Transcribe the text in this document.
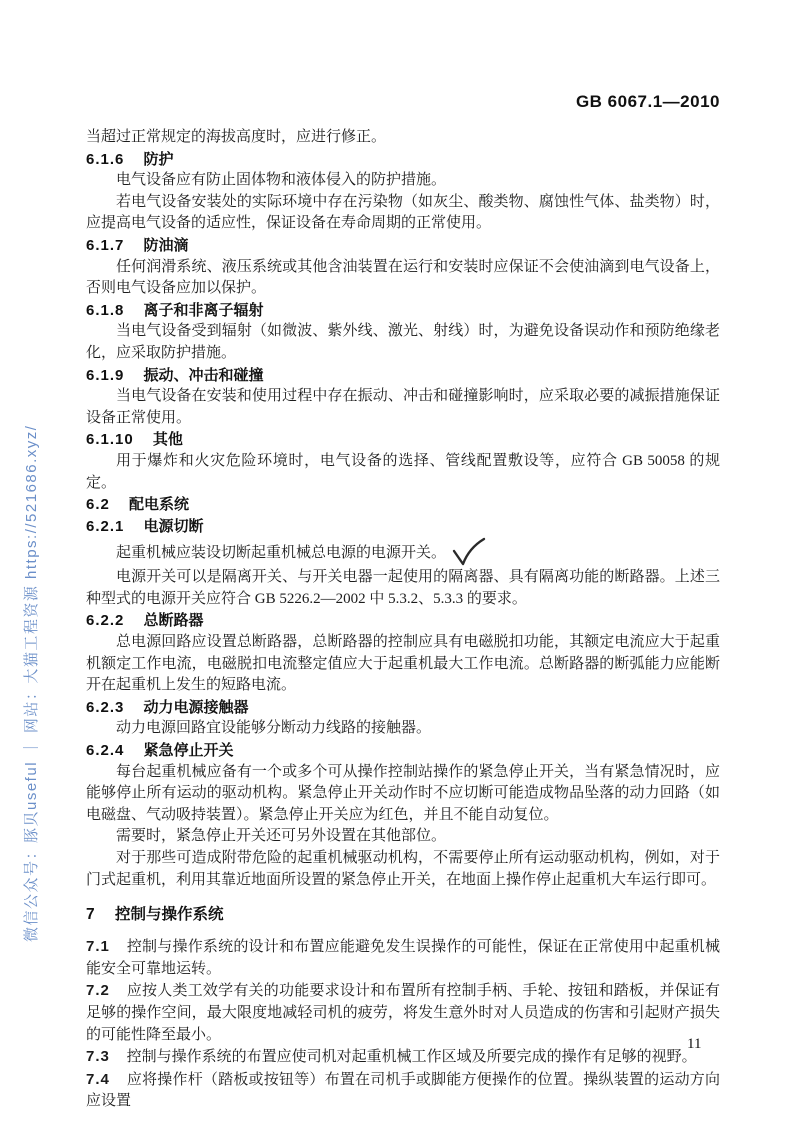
GB 6067.1—2010
微信公众号：豚贝useful ｜ 网站：大猫工程资源 https://521686.xyz/

当超过正常规定的海拔高度时，应进行修正。

6.1.6 防护

电气设备应有防止固体物和液体侵入的防护措施。

若电气设备安装处的实际环境中存在污染物（如灰尘、酸类物、腐蚀性气体、盐类物）时，应提高电气设备的适应性，保证设备在寿命周期的正常使用。

6.1.7 防油滴

任何润滑系统、液压系统或其他含油装置在运行和安装时应保证不会使油滴到电气设备上，否则电气设备应加以保护。

6.1.8 离子和非离子辐射

当电气设备受到辐射（如微波、紫外线、激光、射线）时，为避免设备误动作和预防绝缘老化，应采取防护措施。

6.1.9 振动、冲击和碰撞

当电气设备在安装和使用过程中存在振动、冲击和碰撞影响时，应采取必要的减振措施保证设备正常使用。

6.1.10 其他

用于爆炸和火灾危险环境时，电气设备的选择、管线配置敷设等，应符合 GB 50058 的规定。

6.2 配电系统
6.2.1 电源切断

起重机械应装设切断起重机械总电源的电源开关。

电源开关可以是隔离开关、与开关电器一起使用的隔离器、具有隔离功能的断路器。上述三种型式的电源开关应符合 GB 5226.2—2002 中 5.3.2、5.3.3 的要求。

6.2.2 总断路器

总电源回路应设置总断路器，总断路器的控制应具有电磁脱扣功能，其额定电流应大于起重机额定工作电流，电磁脱扣电流整定值应大于起重机最大工作电流。总断路器的断弧能力应能断开在起重机上发生的短路电流。

6.2.3 动力电源接触器

动力电源回路宜设能够分断动力线路的接触器。

6.2.4 紧急停止开关

每台起重机械应备有一个或多个可从操作控制站操作的紧急停止开关，当有紧急情况时，应能够停止所有运动的驱动机构。紧急停止开关动作时不应切断可能造成物品坠落的动力回路（如电磁盘、气动吸持装置）。紧急停止开关应为红色，并且不能自动复位。

需要时，紧急停止开关还可另外设置在其他部位。

对于那些可造成附带危险的起重机械驱动机构，不需要停止所有运动驱动机构，例如，对于门式起重机，利用其靠近地面所设置的紧急停止开关，在地面上操作停止起重机大车运行即可。

7 控制与操作系统

7.1 控制与操作系统的设计和布置应能避免发生误操作的可能性，保证在正常使用中起重机械能安全可靠地运转。

7.2 应按人类工效学有关的功能要求设计和布置所有控制手柄、手轮、按钮和踏板，并保证有足够的操作空间，最大限度地减轻司机的疲劳，将发生意外时对人员造成的伤害和引起财产损失的可能性降至最小。

7.3 控制与操作系统的布置应使司机对起重机械工作区域及所要完成的操作有足够的视野。

7.4 应将操作杆（踏板或按钮等）布置在司机手或脚能方便操作的位置。操纵装置的运动方向应设置

11
